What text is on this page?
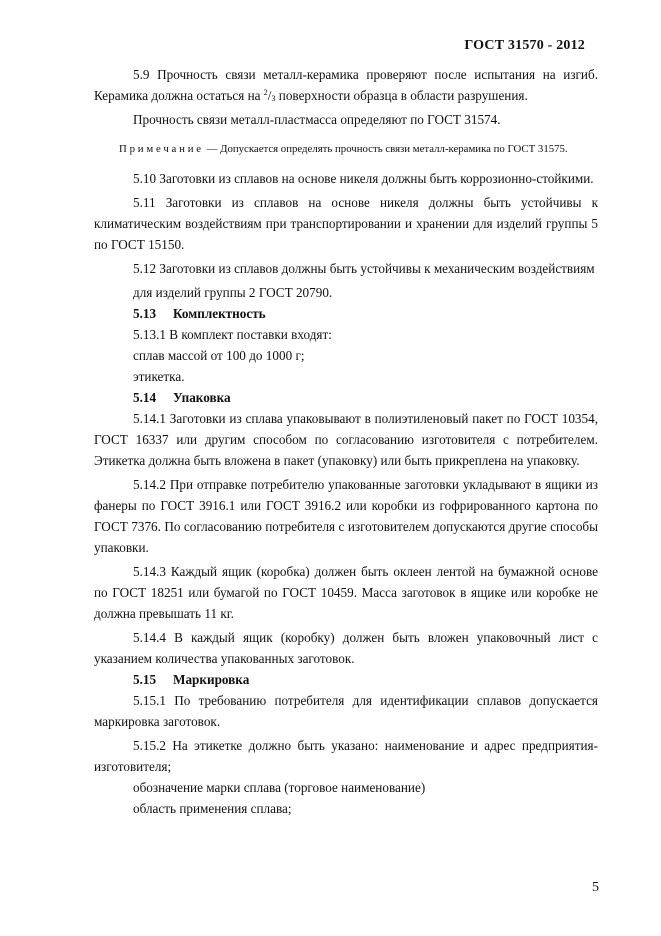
ГОСТ 31570 - 2012

5.9 Прочность связи металл-керамика проверяют после испытания на изгиб. Керамика должна остаться на $^2/_3$ поверхности образца в области разрушения.

Прочность связи металл-пластмасса определяют по ГОСТ 31574.

Примечание — Допускается определять прочность связи металл-керамика по ГОСТ 31575.

5.10 Заготовки из сплавов на основе никеля должны быть коррозионно-стойкими.

5.11 Заготовки из сплавов на основе никеля должны быть устойчивы к климатическим воздействиям при транспортировании и хранении для изделий группы 5 по ГОСТ 15150.

5.12 Заготовки из сплавов должны быть устойчивы к механическим воздействиям

для изделий группы 2 ГОСТ 20790.

5.13 Комплектность

5.13.1 В комплект поставки входят:

сплав массой от 100 до 1000 г;

этикетка.

5.14 Упаковка

5.14.1 Заготовки из сплава упаковывают в полиэтиленовый пакет по ГОСТ 10354, ГОСТ 16337 или другим способом по согласованию изготовителя с потребителем. Этикетка должна быть вложена в пакет (упаковку) или быть прикреплена на упаковку.

5.14.2 При отправке потребителю упакованные заготовки укладывают в ящики из фанеры по ГОСТ 3916.1 или ГОСТ 3916.2 или коробки из гофрированного картона по ГОСТ 7376. По согласованию потребителя с изготовителем допускаются другие способы упаковки.

5.14.3 Каждый ящик (коробка) должен быть оклеен лентой на бумажной основе по ГОСТ 18251 или бумагой по ГОСТ 10459. Масса заготовок в ящике или коробке не должна превышать 11 кг.

5.14.4 В каждый ящик (коробку) должен быть вложен упаковочный лист с указанием количества упакованных заготовок.

5.15 Маркировка

5.15.1 По требованию потребителя для идентификации сплавов допускается маркировка заготовок.

5.15.2 На этикетке должно быть указано: наименование и адрес предприятия-изготовителя;

обозначение марки сплава (торговое наименование)

область применения сплава;

5
